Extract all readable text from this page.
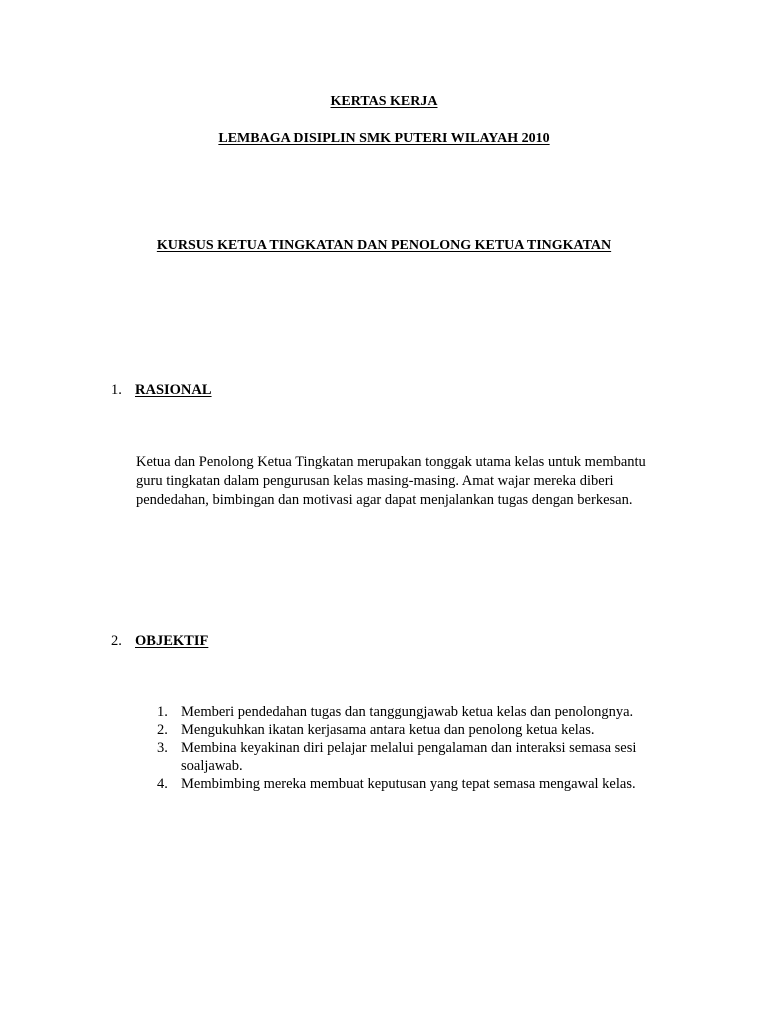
KERTAS KERJA
LEMBAGA DISIPLIN SMK PUTERI WILAYAH 2010
KURSUS KETUA TINGKATAN DAN PENOLONG KETUA TINGKATAN
1. RASIONAL
Ketua dan Penolong Ketua Tingkatan merupakan tonggak utama kelas untuk membantu
guru tingkatan dalam pengurusan kelas masing-masing. Amat wajar mereka diberi
pendedahan, bimbingan dan motivasi agar dapat menjalankan tugas dengan berkesan.
2. OBJEKTIF
1. Memberi pendedahan tugas dan tanggungjawab ketua kelas dan penolongnya.
2. Mengukuhkan ikatan kerjasama antara ketua dan penolong ketua kelas.
3. Membina keyakinan diri pelajar melalui pengalaman dan interaksi semasa sesi soaljawab.
4. Membimbing mereka membuat keputusan yang tepat semasa mengawal kelas.
